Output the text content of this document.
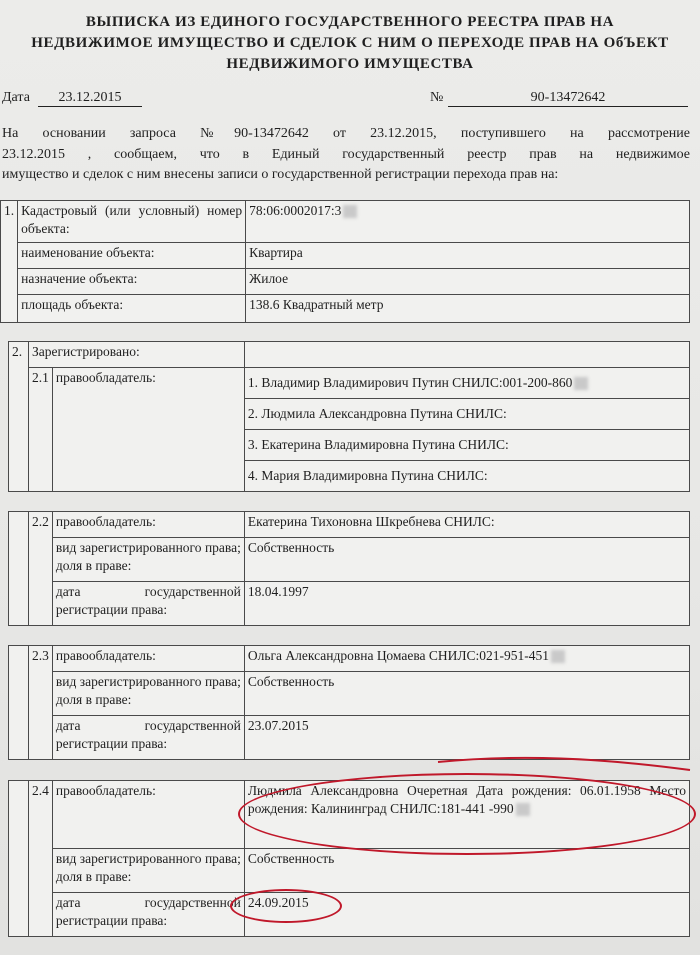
ВЫПИСКА ИЗ ЕДИНОГО ГОСУДАРСТВЕННОГО РЕЕСТРА ПРАВ НА
НЕДВИЖИМОЕ ИМУЩЕСТВО И СДЕЛОК С НИМ О ПЕРЕХОДЕ ПРАВ НА ОбЪЕКТ
НЕДВИЖИМОГО ИМУЩЕСТВА
Дата	23.12.2015	№	90-13472642
На основании запроса №90-13472642 от 23.12.2015, поступившего на рассмотрение
23.12.2015 , сообщаем, что в Единый государственный реестр прав на недвижимое
имущество и сделок с ним внесены записи о государственной регистрации перехода прав на:
1.	Кадастровый (или условный) номер объекта:	78:06:0002017:3
	наименование объекта:	Квартира
	назначение объекта:	Жилое
	площадь объекта:	138.6 Квадратный метр
2.	Зарегистрировано:		
	2.1	правообладатель:	1. Владимир Владимирович Путин СНИЛС:001-200-860
2. Людмила Александровна Путина СНИЛС:
3. Екатерина Владимировна Путина СНИЛС:
4. Мария Владимировна Путина СНИЛС:
	2.2	правообладатель:	Екатерина Тихоновна Шкребнева СНИЛС:
		вид зарегистрированного права; доля в праве:	Собственность
		дата государственной регистрации права:	18.04.1997
	2.3	правообладатель:	Ольга Александровна Цомаева СНИЛС:021-951-451
		вид зарегистрированного права; доля в праве:	Собственность
		дата государственной регистрации права:	23.07.2015
	2.4	правообладатель:	Людмила Александровна Очеретная Дата рождения: 06.01.1958 Место рождения: Калининград СНИЛС:181-441 -990
		вид зарегистрированного права; доля в праве:	Собственность
		дата государственной регистрации права:	24.09.2015
